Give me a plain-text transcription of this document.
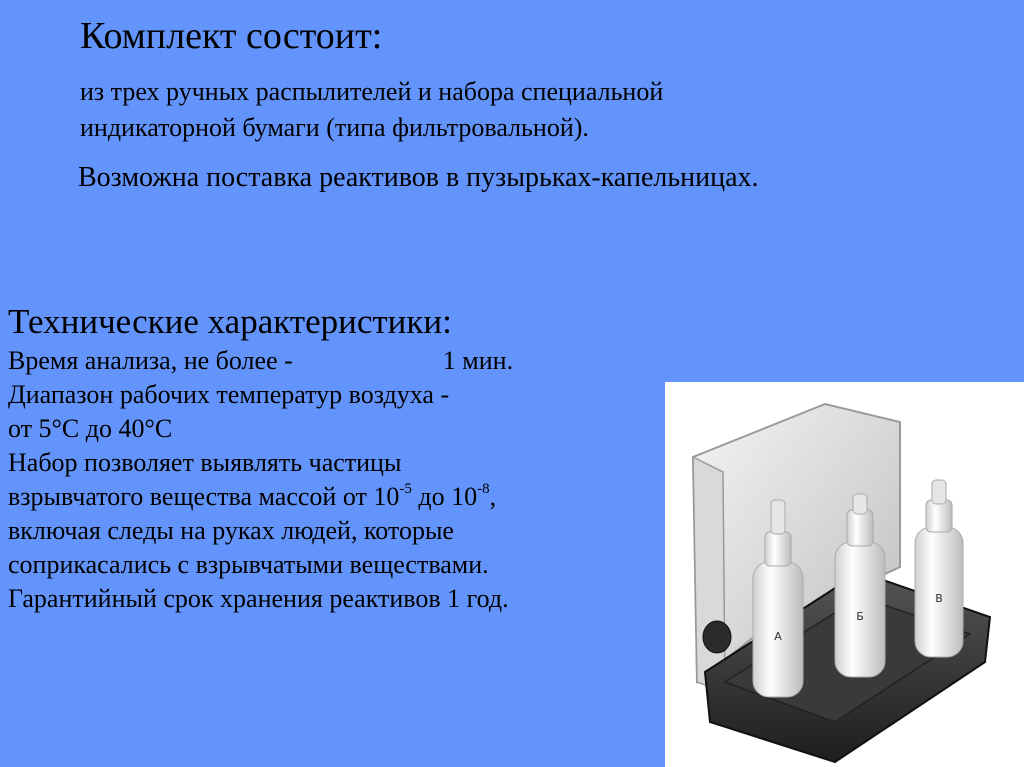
Комплект состоит:
из трех ручных распылителей и набора специальной
индикаторной бумаги (типа фильтровальной).
Возможна поставка реактивов в пузырьках-капельницах.
Технические характеристики:
Время анализа, не более -	1 мин.
Диапазон рабочих температур воздуха -
от 5°С до 40°С
Набор позволяет выявлять частицы
взрывчатого вещества массой от $10^{-5}$ до $10^{-8}$,
включая следы на руках людей, которые
соприкасались с взрывчатыми веществами.
Гарантийный срок хранения реактивов 1 год.
A
Б
В
